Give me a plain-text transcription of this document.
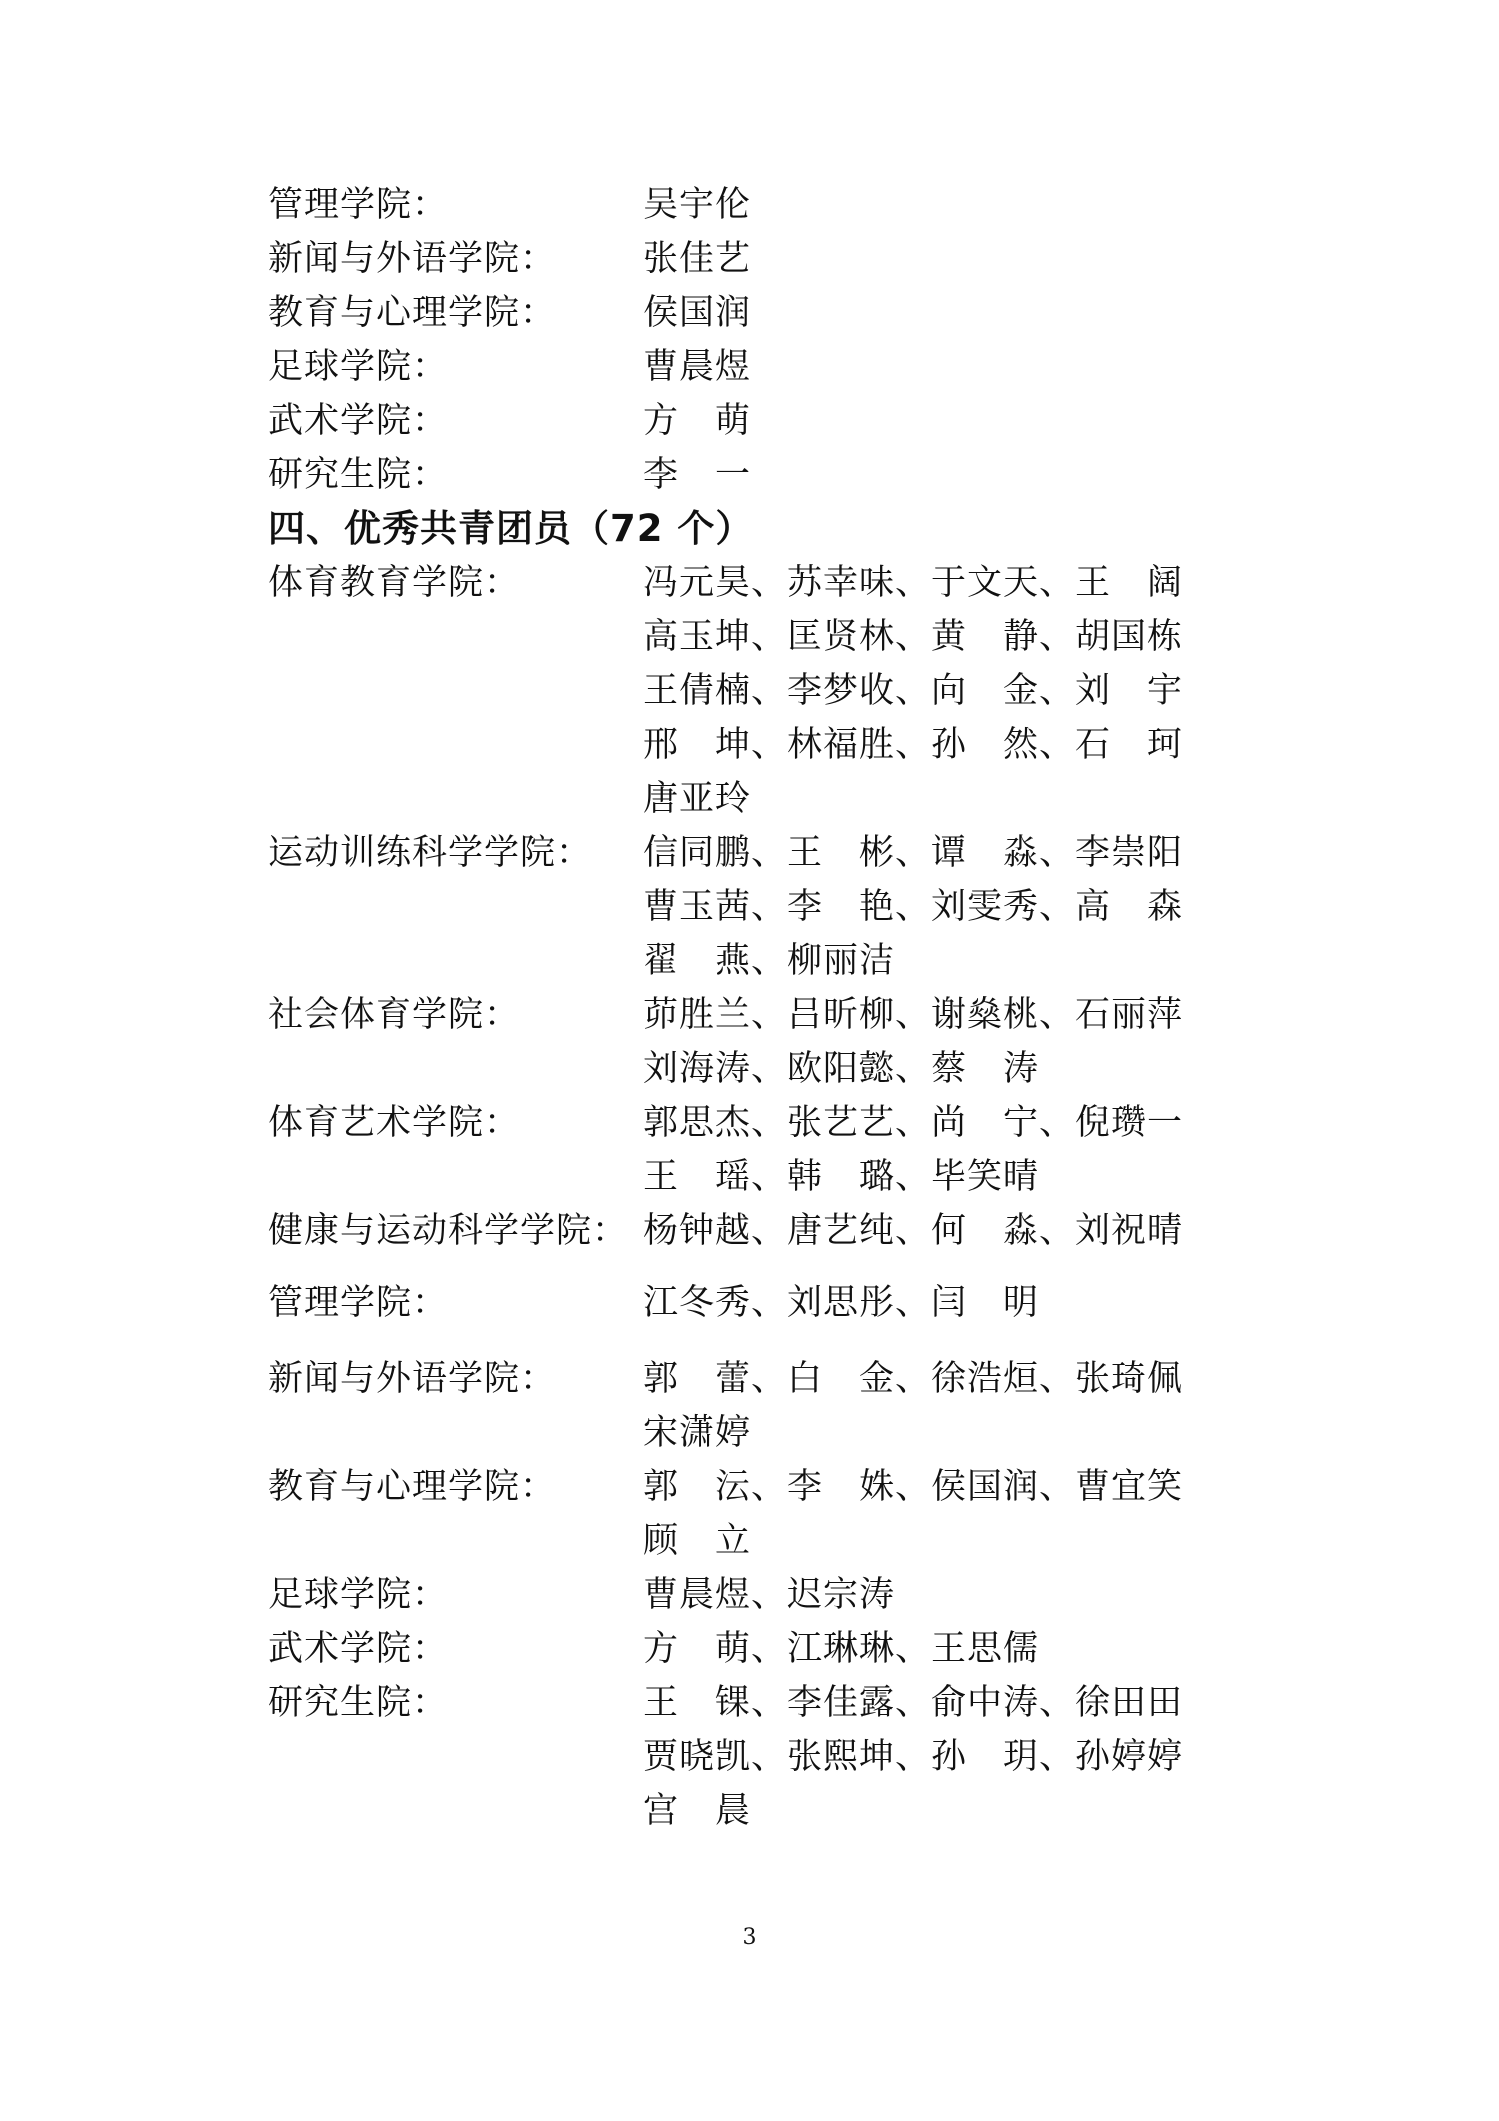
管理学院：	吴宇伦
新闻与外语学院： 张佳艺
教育与心理学院： 侯国润
足球学院：	曹晨煜
武术学院：	方　萌
研究生院：	李　一
四、优秀共青团员（72 个）
体育教育学院：	冯元昊、苏幸味、于文天、王　阔
高玉坤、匡贤林、黄　静、胡国栋
王倩楠、李梦收、向　金、刘　宇
邢　坤、林福胜、孙　然、石　珂
唐亚玲
运动训练科学学院： 信同鹏、王　彬、谭　淼、李崇阳
曹玉茜、李　艳、刘雯秀、高　森
翟　燕、柳丽洁
社会体育学院：	茆胜兰、吕昕柳、谢燊桃、石丽萍
刘海涛、欧阳懿、蔡　涛
体育艺术学院：	郭思杰、张艺艺、尚　宁、倪瓒一
王　瑶、韩　璐、毕笑晴
健康与运动科学学院： 杨钟越、唐艺纯、何　淼、刘祝晴
管理学院：	江冬秀、刘思彤、闫　明
新闻与外语学院： 郭　蕾、白　金、徐浩烜、张琦佩
宋潇婷
教育与心理学院： 郭　沄、李　姝、侯国润、曹宜笑
顾　立
足球学院：	曹晨煜、迟宗涛
武术学院：	方　萌、江琳琳、王思儒
研究生院：	王　锞、李佳露、俞中涛、徐田田
贾晓凯、张熙坤、孙　玥、孙婷婷
宫　晨
3
